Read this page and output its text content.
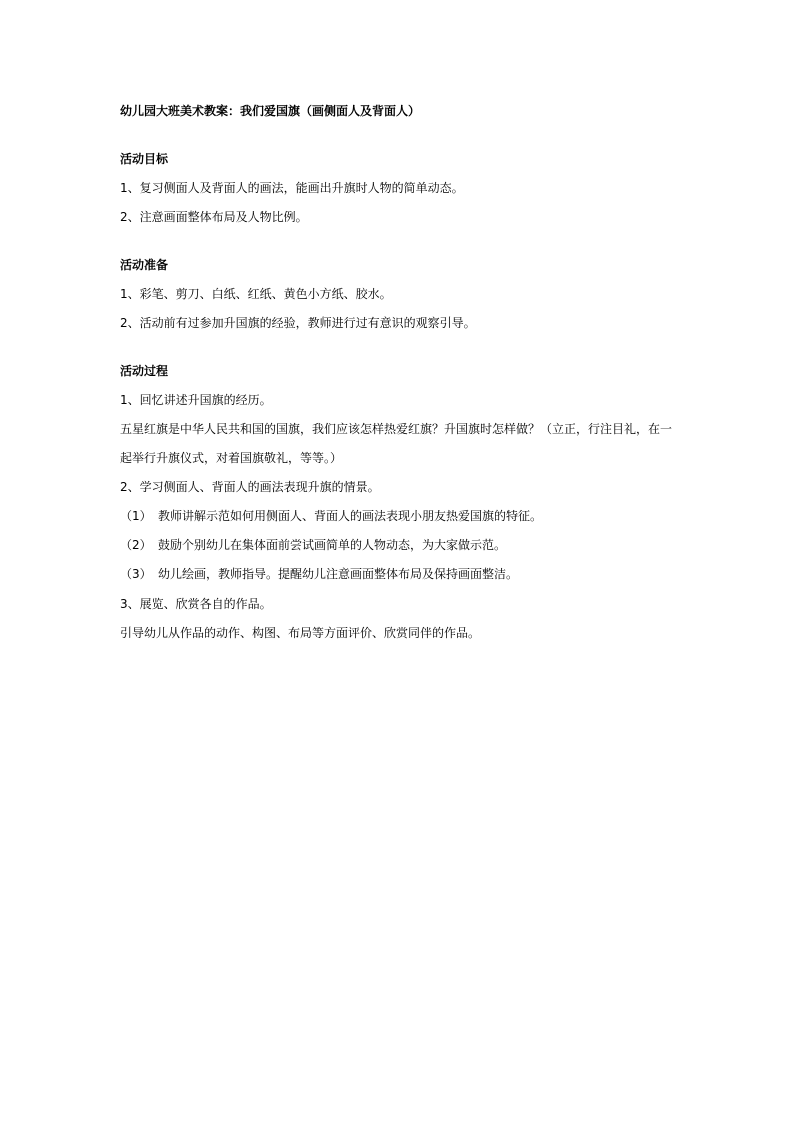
幼儿园大班美术教案：我们爱国旗（画侧面人及背面人）
活动目标
1、复习侧面人及背面人的画法，能画出升旗时人物的简单动态。
2、注意画面整体布局及人物比例。
活动准备
1、彩笔、剪刀、白纸、红纸、黄色小方纸、胶水。
2、活动前有过参加升国旗的经验，教师进行过有意识的观察引导。
活动过程
1、回忆讲述升国旗的经历。
五星红旗是中华人民共和国的国旗，我们应该怎样热爱红旗？升国旗时怎样做？（立正，行注目礼，在一
起举行升旗仪式，对着国旗敬礼，等等。）
2、学习侧面人、背面人的画法表现升旗的情景。
（1） 教师讲解示范如何用侧面人、背面人的画法表现小朋友热爱国旗的特征。
（2） 鼓励个别幼儿在集体面前尝试画简单的人物动态，为大家做示范。
（3） 幼儿绘画，教师指导。提醒幼儿注意画面整体布局及保持画面整洁。
3、展览、欣赏各自的作品。
引导幼儿从作品的动作、构图、布局等方面评价、欣赏同伴的作品。
